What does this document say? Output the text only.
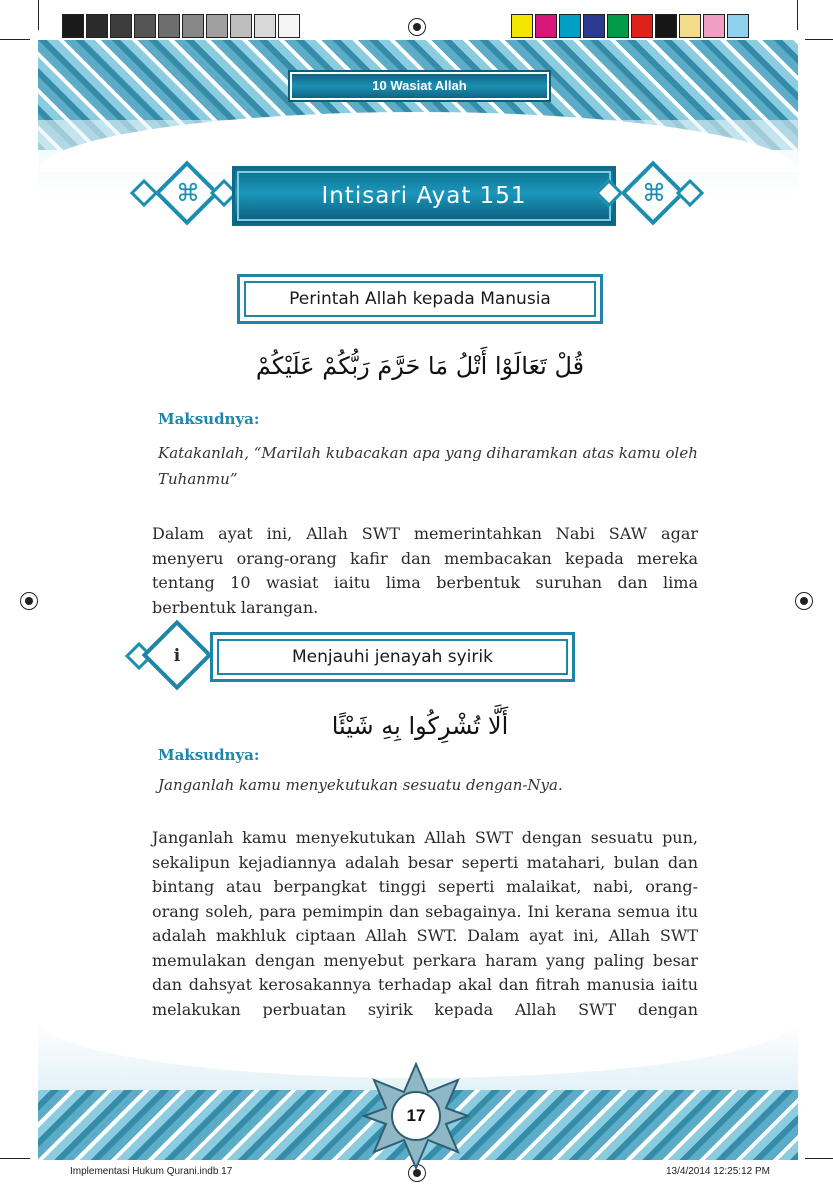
10 Wasiat Allah
⌘	Intisari Ayat 151	⌘
Perintah Allah kepada Manusia
قُلْ تَعَالَوْا أَتْلُ مَا حَرَّمَ رَبُّكُمْ عَلَيْكُمْ
Maksudnya:
Katakanlah, “Marilah kubacakan apa yang diharamkan atas kamu oleh Tuhanmu”
Dalam ayat ini, Allah SWT memerintahkan Nabi SAW agar menyeru orang-orang kafir dan membacakan kepada mereka tentang 10 wasiat iaitu lima berbentuk suruhan dan lima berbentuk larangan.
i	Menjauhi jenayah syirik
أَلَّا تُشْرِكُوا بِهِ شَيْئًا
Maksudnya:
Janganlah kamu menyekutukan sesuatu dengan-Nya.
Janganlah kamu menyekutukan Allah SWT dengan sesuatu pun, sekalipun kejadiannya adalah besar seperti matahari, bulan dan bintang atau berpangkat tinggi seperti malaikat, nabi, orang-orang soleh, para pemimpin dan sebagainya. Ini kerana semua itu adalah makhluk ciptaan Allah SWT. Dalam ayat ini, Allah SWT memulakan dengan menyebut perkara haram yang paling besar dan dahsyat kerosakannya terhadap akal dan fitrah manusia iaitu melakukan perbuatan syirik kepada Allah SWT dengan
17
Implementasi Hukum Qurani.indb 17	13/4/2014 12:25:12 PM
